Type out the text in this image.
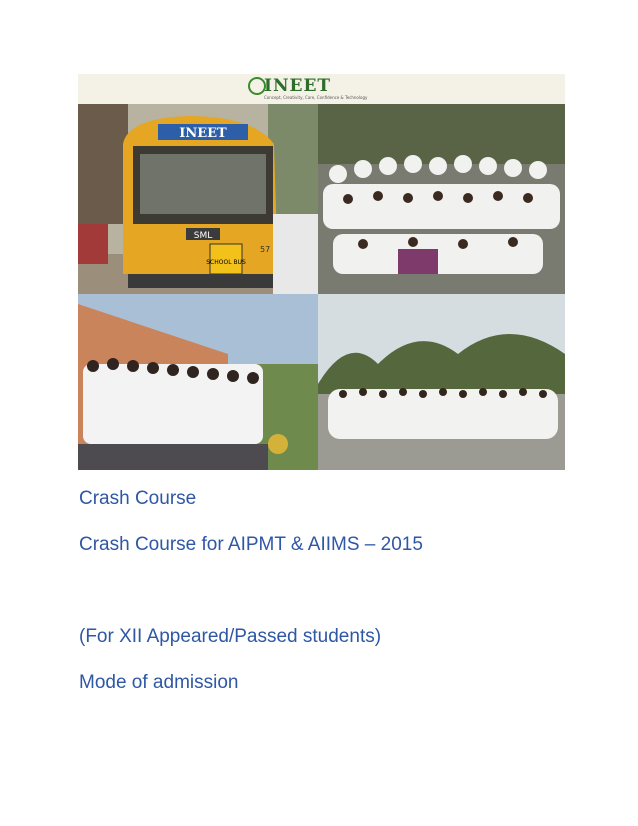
INEET
Concept, Creativity, Care, Confidence & Technology
INEET
SML
SCHOOL BUS
57
Crash Course
Crash Course for AIPMT & AIIMS – 2015
(For XII Appeared/Passed students)
Mode of admission
